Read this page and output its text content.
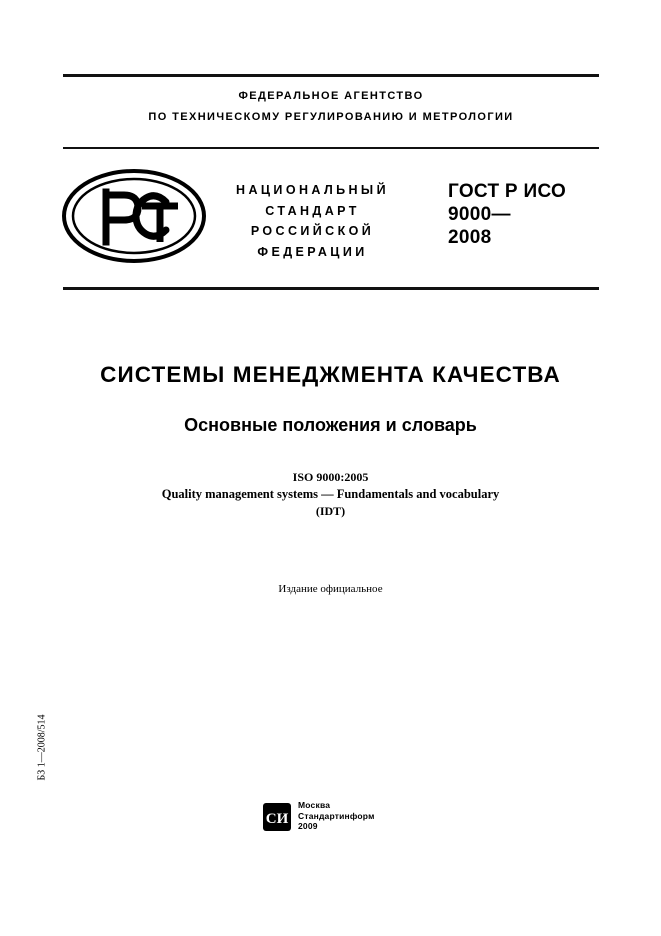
ФЕДЕРАЛЬНОЕ АГЕНТСТВО
ПО ТЕХНИЧЕСКОМУ РЕГУЛИРОВАНИЮ И МЕТРОЛОГИИ
НАЦИОНАЛЬНЫЙ
СТАНДАРТ
РОССИЙСКОЙ
ФЕДЕРАЦИИ
ГОСТ Р ИСО
9000—
2008
СИСТЕМЫ МЕНЕДЖМЕНТА КАЧЕСТВА
Основные положения и словарь
ISO 9000:2005
Quality management systems — Fundamentals and vocabulary
(IDT)
Издание официальное
БЗ 1—2008/514
СИ
Москва
Стандартинформ
2009
